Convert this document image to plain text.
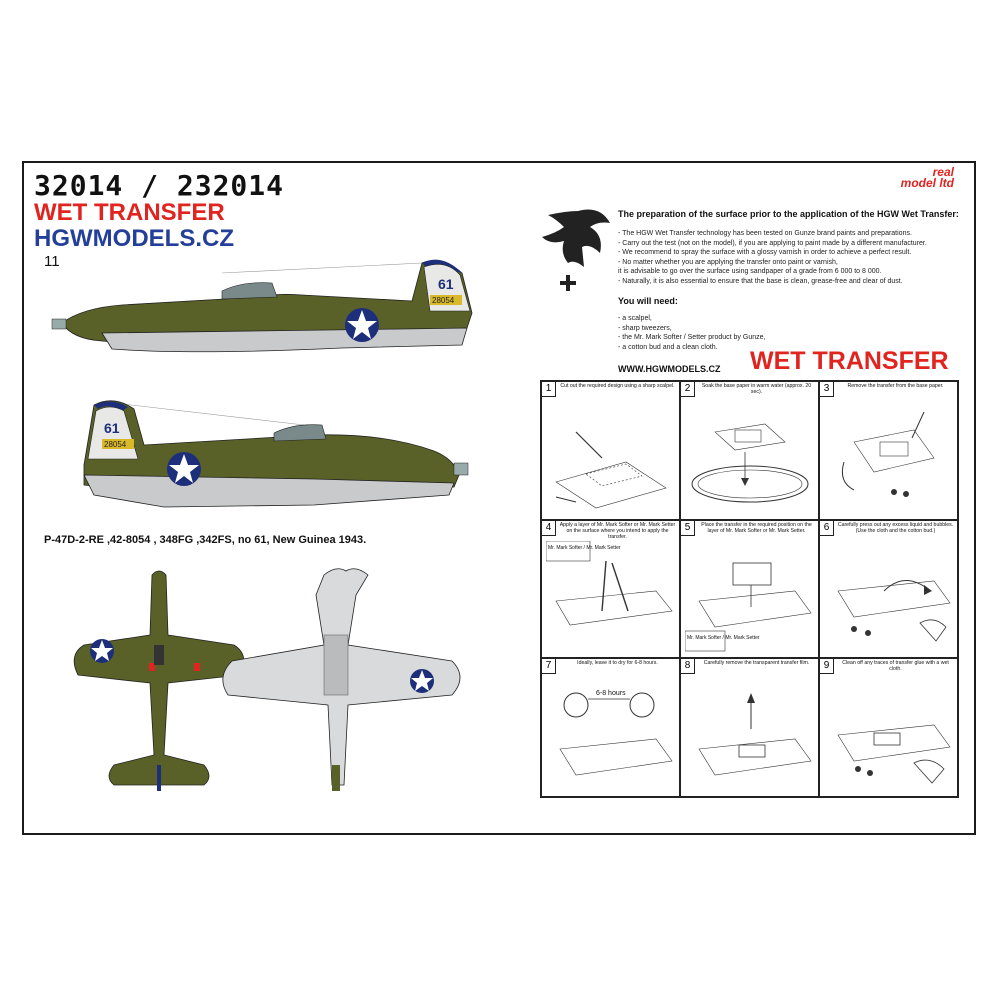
32014 / 232014
WET TRANSFER
HGWMODELS.CZ
11
real
model ltd
61
28054
61
28054
P-47D-2-RE ,42-8054 , 348FG ,342FS, no 61, New Guinea 1943.
The preparation of the surface prior to the application of the HGW Wet Transfer:
- The HGW Wet Transfer technology has been tested on Gunze brand paints and preparations.
- Carry out the test (not on the model), if you are applying to paint made by a different manufacturer.
- We recommend to spray the surface with a glossy varnish in order to achieve a perfect result.
- No matter whether you are applying the transfer onto paint or varnish,
it is advisable to go over the surface using sandpaper of a grade from 6 000 to 8 000.
- Naturally, it is also essential to ensure that the base is clean, grease-free and clear of dust.
You will need:
- a scalpel,
- sharp tweezers,
- the Mr. Mark Softer / Setter product by Gunze,
- a cotton bud and a clean cloth.
WWW.HGWMODELS.CZ WET TRANSFER
1	Cut out the required design using a sharp scalpel.	2	Soak the base paper in warm water (approx. 20 sec).	3	Remove the transfer from the base paper.
4	Apply a layer of Mr. Mark Softer or Mr. Mark Setter on the surface where you intend to apply the transfer.
Mr. Mark Softer / Mr. Mark Setter
5	Place the transfer in the required position on the layer of Mr. Mark Softer or Mr. Mark Setter.
Mr. Mark Softer / Mr. Mark Setter
6	Carefully press out any excess liquid and bubbles. (Use the cloth and the cotton bud.)
7	Ideally, leave it to dry for 6-8 hours.
6-8 hours
8	Carefully remove the transparent transfer film.	9	Clean off any traces of transfer glue with a wet cloth.
